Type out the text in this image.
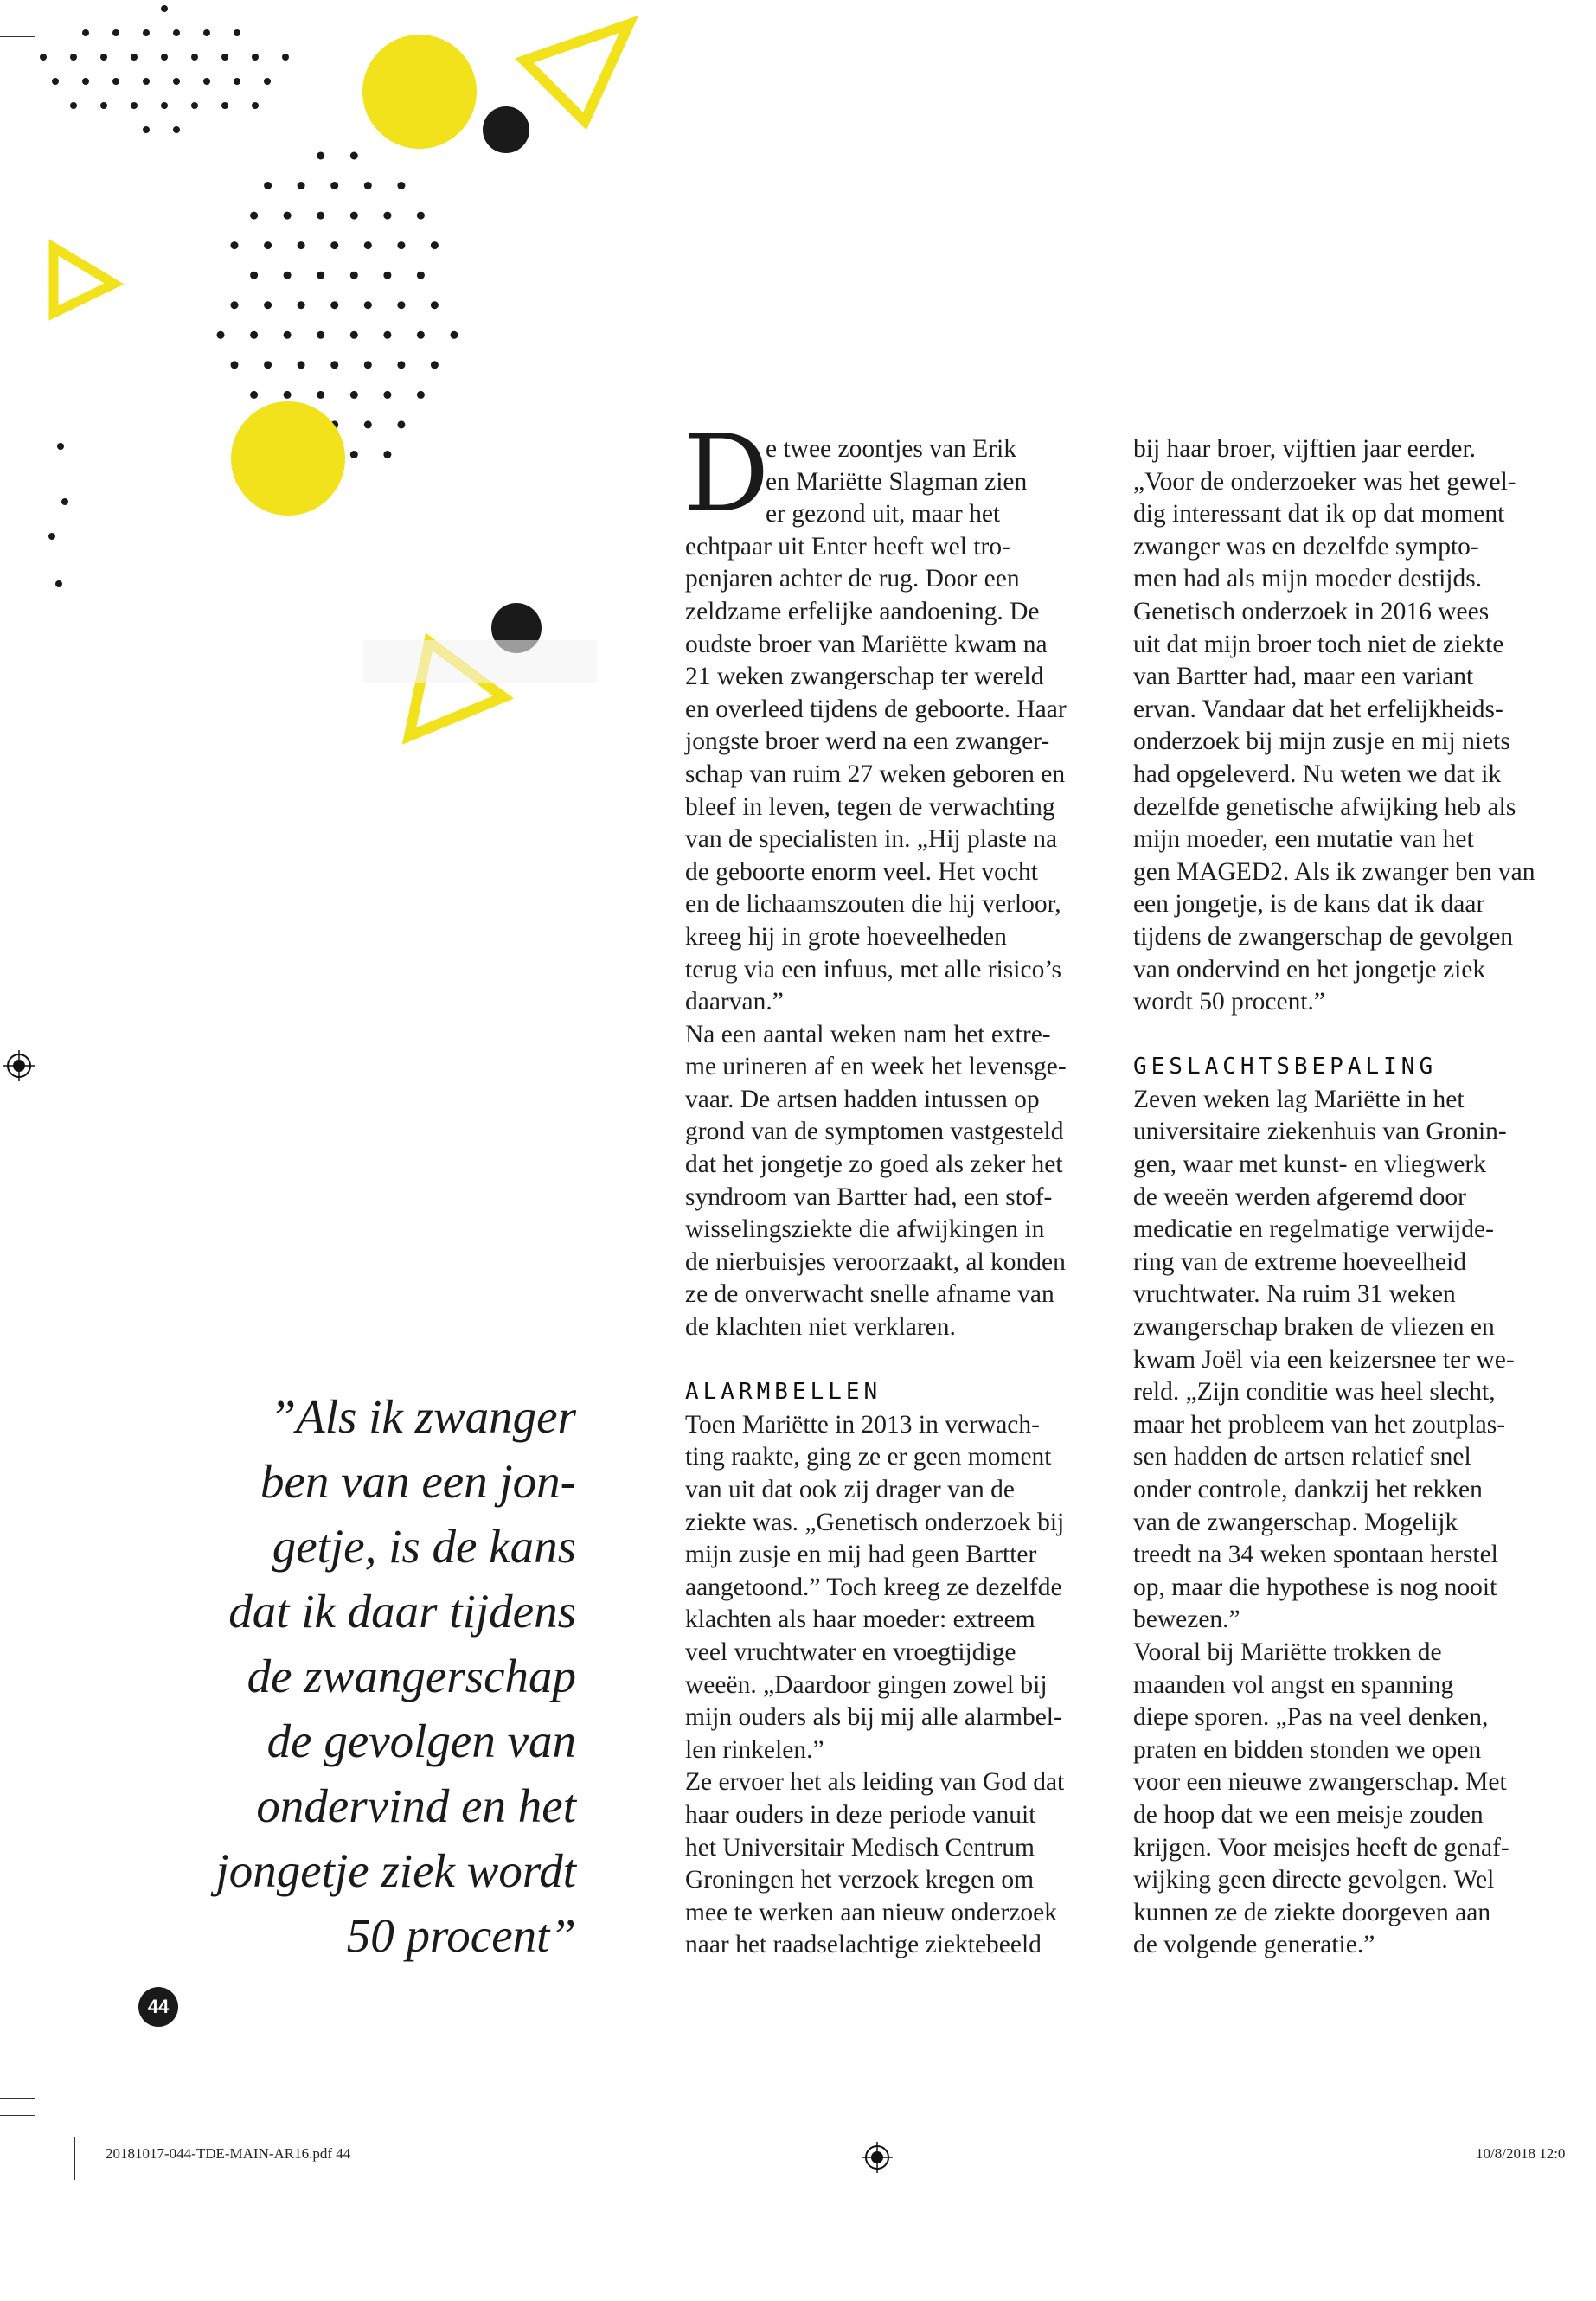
D
e twee zoontjes van Erik
en Mariëtte Slagman zien
er gezond uit, maar het
echtpaar uit Enter heeft wel tro-
penjaren achter de rug. Door een
zeldzame erfelijke aandoening. De
oudste broer van Mariëtte kwam na
21 weken zwangerschap ter wereld
en overleed tijdens de geboorte. Haar
jongste broer werd na een zwanger-
schap van ruim 27 weken geboren en
bleef in leven, tegen de verwachting
van de specialisten in. „Hij plaste na
de geboorte enorm veel. Het vocht
en de lichaamszouten die hij verloor,
kreeg hij in grote hoeveelheden
terug via een infuus, met alle risico’s
daarvan.”
Na een aantal weken nam het extre-
me urineren af en week het levensge-
vaar. De artsen hadden intussen op
grond van de symptomen vastgesteld
dat het jongetje zo goed als zeker het
syndroom van Bartter had, een stof-
wisselingsziekte die afwijkingen in
de nierbuisjes veroorzaakt, al konden
ze de onverwacht snelle afname van
de klachten niet verklaren.
ALARMBELLEN
Toen Mariëtte in 2013 in verwach-
ting raakte, ging ze er geen moment
van uit dat ook zij drager van de
ziekte was. „Genetisch onderzoek bij
mijn zusje en mij had geen Bartter
aangetoond.” Toch kreeg ze dezelfde
klachten als haar moeder: extreem
veel vruchtwater en vroegtijdige
weeën. „Daardoor gingen zowel bij
mijn ouders als bij mij alle alarmbel-
len rinkelen.”
Ze ervoer het als leiding van God dat
haar ouders in deze periode vanuit
het Universitair Medisch Centrum
Groningen het verzoek kregen om
mee te werken aan nieuw onderzoek
naar het raadselachtige ziektebeeld
bij haar broer, vijftien jaar eerder.
„Voor de onderzoeker was het gewel-
dig interessant dat ik op dat moment
zwanger was en dezelfde sympto-
men had als mijn moeder destijds.
Genetisch onderzoek in 2016 wees
uit dat mijn broer toch niet de ziekte
van Bartter had, maar een variant
ervan. Vandaar dat het erfelijkheids-
onderzoek bij mijn zusje en mij niets
had opgeleverd. Nu weten we dat ik
dezelfde genetische afwijking heb als
mijn moeder, een mutatie van het
gen MAGED2. Als ik zwanger ben van
een jongetje, is de kans dat ik daar
tijdens de zwangerschap de gevolgen
van ondervind en het jongetje ziek
wordt 50 procent.”
GESLACHTSBEPALING
Zeven weken lag Mariëtte in het
universitaire ziekenhuis van Gronin-
gen, waar met kunst- en vliegwerk
de weeën werden afgeremd door
medicatie en regelmatige verwijde-
ring van de extreme hoeveelheid
vruchtwater. Na ruim 31 weken
zwangerschap braken de vliezen en
kwam Joël via een keizersnee ter we-
reld. „Zijn conditie was heel slecht,
maar het probleem van het zoutplas-
sen hadden de artsen relatief snel
onder controle, dankzij het rekken
van de zwangerschap. Mogelijk
treedt na 34 weken spontaan herstel
op, maar die hypothese is nog nooit
bewezen.”
Vooral bij Mariëtte trokken de
maanden vol angst en spanning
diepe sporen. „Pas na veel denken,
praten en bidden stonden we open
voor een nieuwe zwangerschap. Met
de hoop dat we een meisje zouden
krijgen. Voor meisjes heeft de genaf-
wijking geen directe gevolgen. Wel
kunnen ze de ziekte doorgeven aan
de volgende generatie.”
”Als ik zwanger
ben van een jon-
getje, is de kans
dat ik daar tijdens
de zwangerschap
de gevolgen van
ondervind en het
jongetje ziek wordt
50 procent”
44
20181017-044-TDE-MAIN-AR16.pdf 44	10/8/2018 12:0
